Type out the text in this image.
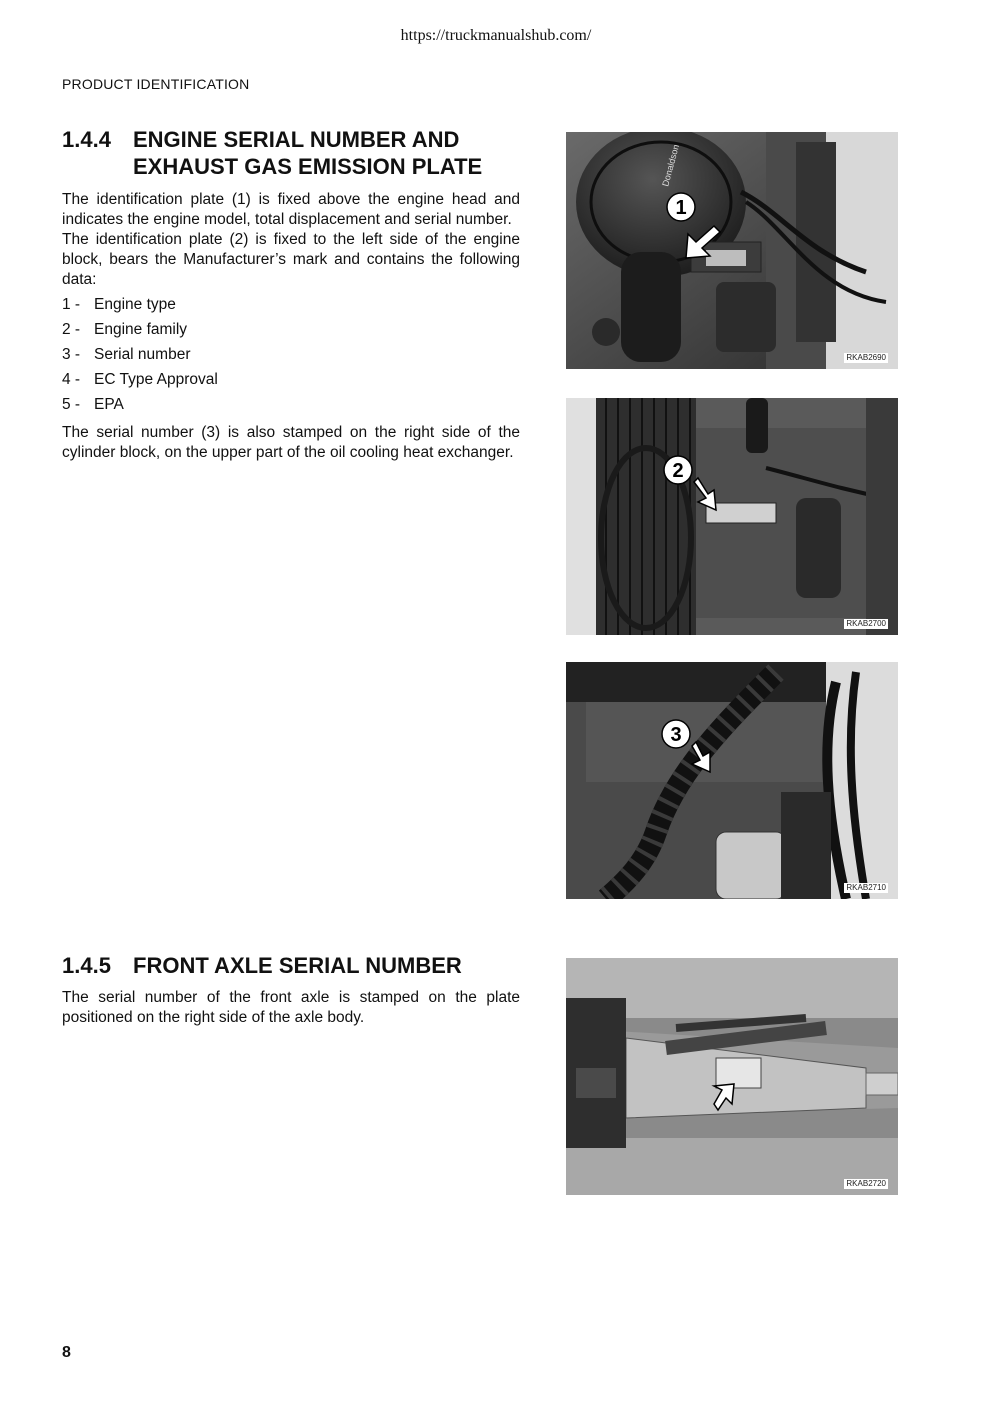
https://truckmanualshub.com/
PRODUCT IDENTIFICATION
1.4.4 ENGINE SERIAL NUMBER AND EXHAUST GAS EMISSION PLATE

The identification plate (1) is fixed above the engine head and indicates the engine model, total displacement and serial number.

The identification plate (2) is fixed to the left side of the engine block, bears the Manufacturer’s mark and contains the following data:

1 - Engine type
2 - Engine family
3 - Serial number
4 - EC Type Approval
5 - EPA

The serial number (3) is also stamped on the right side of the cylinder block, on the upper part of the oil cooling heat exchanger.

1.4.5 FRONT AXLE SERIAL NUMBER

The serial number of the front axle is stamped on the plate positioned on the right side of the axle body.

1
Donaldson
RKAB2690
2
RKAB2700
3
RKAB2710
RKAB2720
8
